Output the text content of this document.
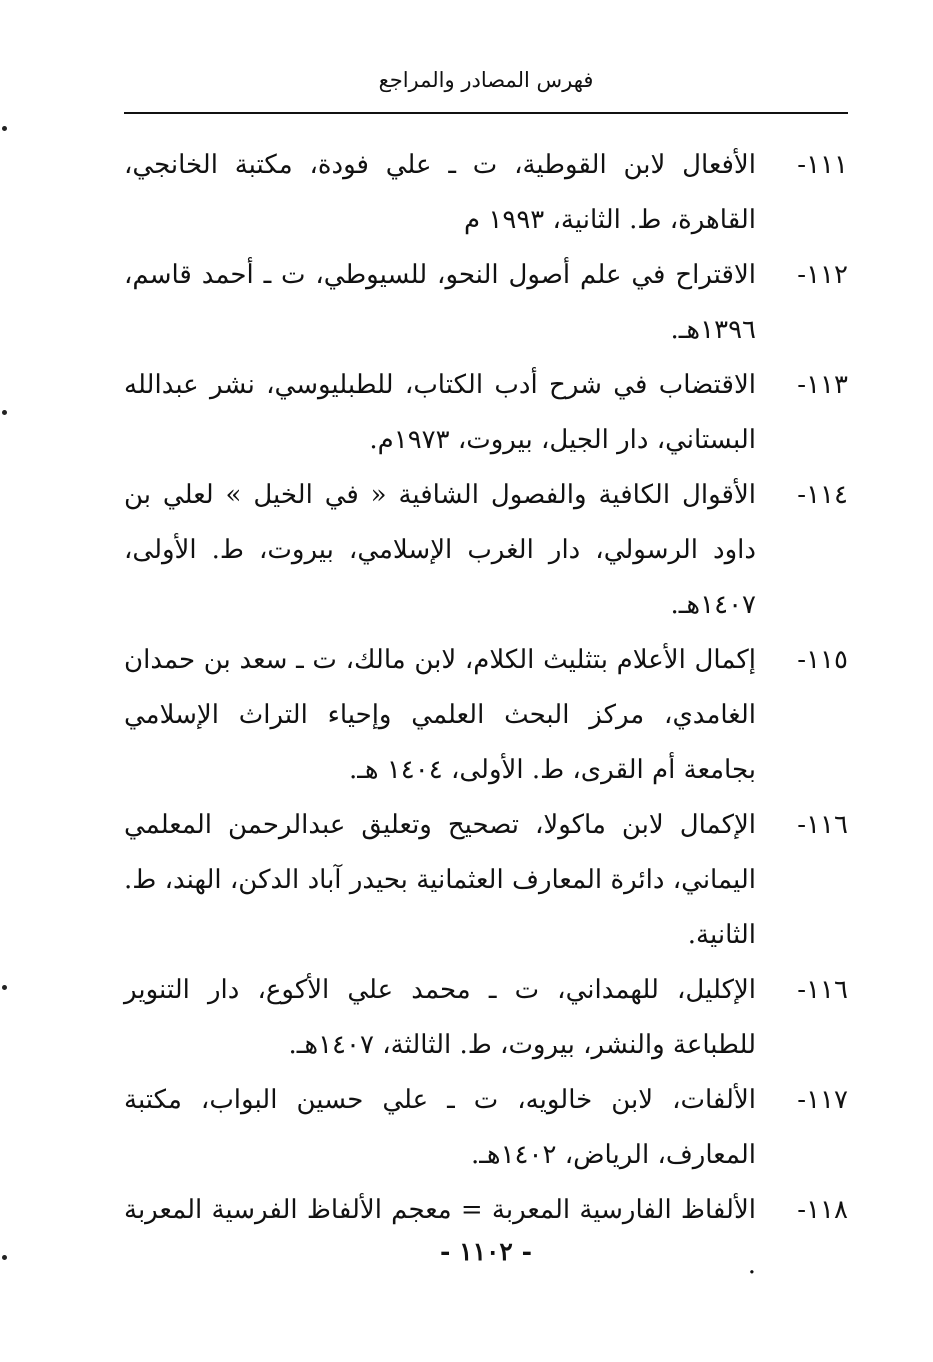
فهرس المصادر والمراجع
١١١-
الأفعال لابن القوطية، ت ـ علي فودة، مكتبة الخانجي، القاهرة، ط. الثانية، ١٩٩٣ م
١١٢-
الاقتراح في علم أصول النحو، للسيوطي، ت ـ أحمد قاسم، ١٣٩٦هـ.
١١٣-
الاقتضاب في شرح أدب الكتاب، للطبليوسي، نشر عبدالله البستاني، دار الجيل، بيروت، ١٩٧٣م.
١١٤-
الأقوال الكافية والفصول الشافية « في الخيل » لعلي بن داود الرسولي، دار الغرب الإسلامي، بيروت، ط. الأولى، ١٤٠٧هـ.
١١٥-
إكمال الأعلام بتثليث الكلام، لابن مالك، ت ـ سعد بن حمدان الغامدي، مركز البحث العلمي وإحياء التراث الإسلامي بجامعة أم القرى، ط. الأولى، ١٤٠٤ هـ.
١١٦-
الإكمال لابن ماكولا، تصحيح وتعليق عبدالرحمن المعلمي اليماني، دائرة المعارف العثمانية بحيدر آباد الدكن، الهند، ط. الثانية.
١١٦-
الإكليل، للهمداني، ت ـ محمد علي الأكوع، دار التنوير للطباعة والنشر، بيروت، ط. الثالثة، ١٤٠٧هـ.
١١٧-
الألفات، لابن خالويه، ت ـ علي حسين البواب، مكتبة المعارف، الرياض، ١٤٠٢هـ.
١١٨-
الألفاظ الفارسية المعربة = معجم الألفاظ الفرسية المعربة .
- ١١٠٢ -
